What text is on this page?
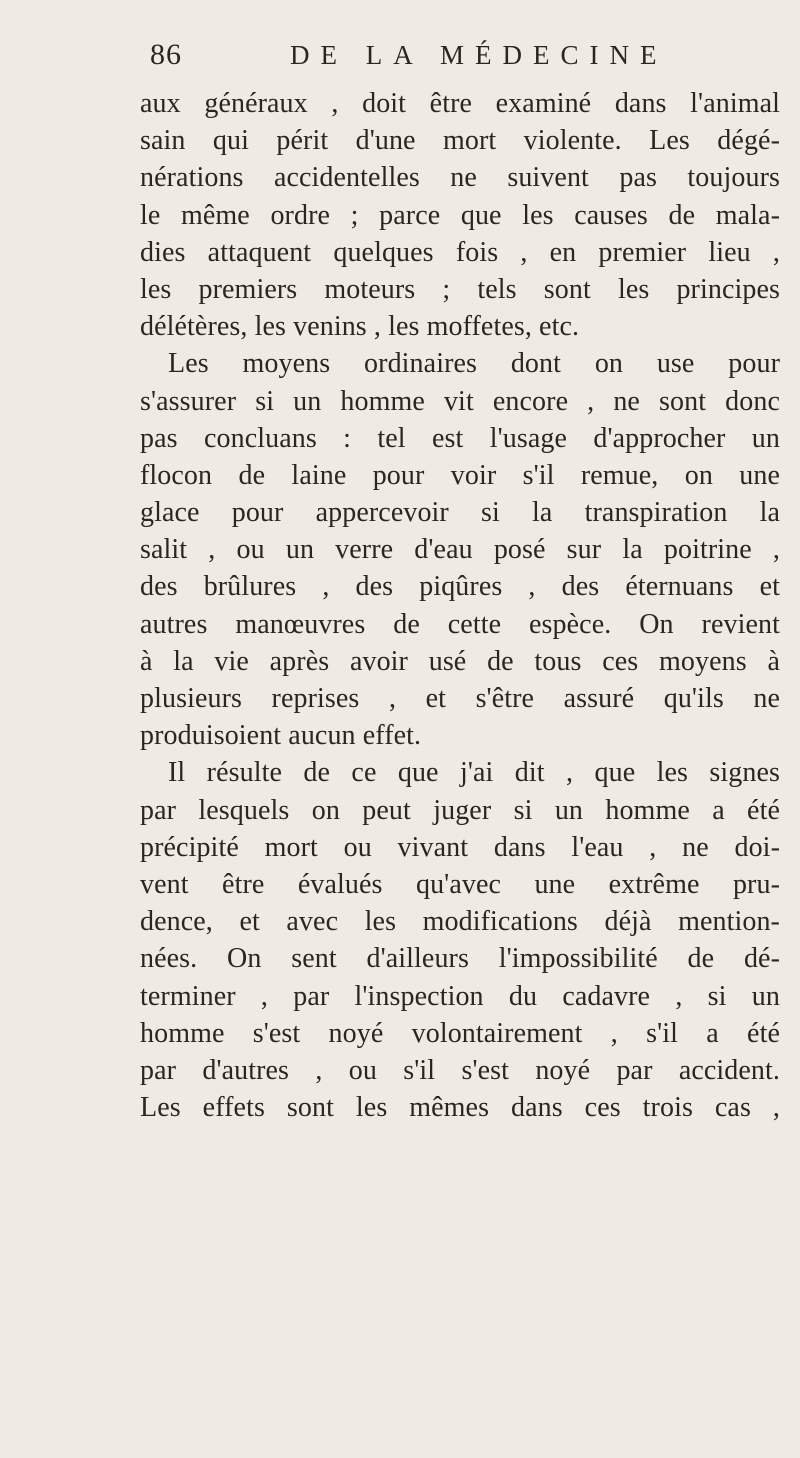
86	DE LA MÉDECINE
aux généraux , doit être examiné dans l'animal
sain qui périt d'une mort violente. Les dégé-
nérations accidentelles ne suivent pas toujours
le même ordre ; parce que les causes de mala-
dies attaquent quelques fois , en premier lieu ,
les premiers moteurs ; tels sont les principes
délétères, les venins , les moffetes, etc.
Les moyens ordinaires dont on use pour
s'assurer si un homme vit encore , ne sont donc
pas concluans : tel est l'usage d'approcher un
flocon de laine pour voir s'il remue, on une
glace pour appercevoir si la transpiration la
salit , ou un verre d'eau posé sur la poitrine ,
des brûlures , des piqûres , des éternuans et
autres manœuvres de cette espèce. On revient
à la vie après avoir usé de tous ces moyens à
plusieurs reprises , et s'être assuré qu'ils ne
produisoient aucun effet.
Il résulte de ce que j'ai dit , que les signes
par lesquels on peut juger si un homme a été
précipité mort ou vivant dans l'eau , ne doi-
vent être évalués qu'avec une extrême pru-
dence, et avec les modifications déjà mention-
nées. On sent d'ailleurs l'impossibilité de dé-
terminer , par l'inspection du cadavre , si un
homme s'est noyé volontairement , s'il a été
par d'autres , ou s'il s'est noyé par accident.
Les effets sont les mêmes dans ces trois cas ,
